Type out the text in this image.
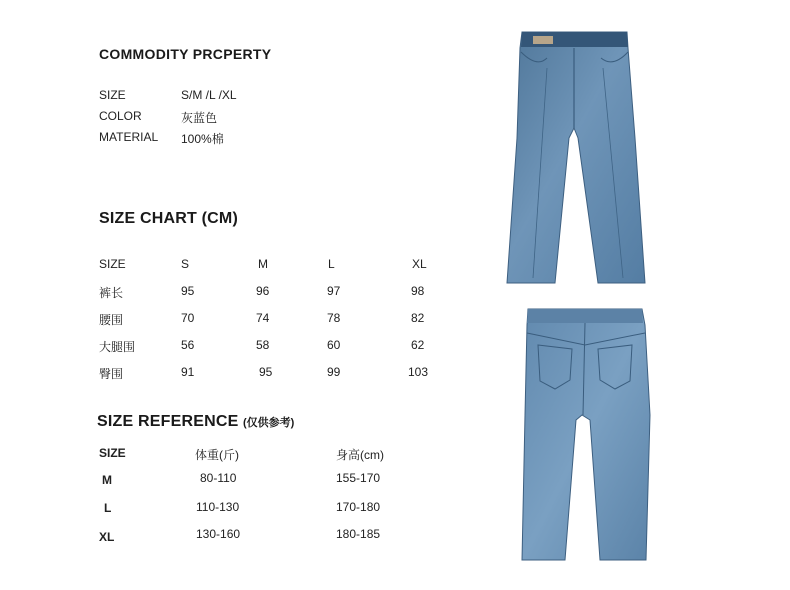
COMMODITY PRCPERTY
SIZE	S/M /L /XL
COLOR	灰蓝色
MATERIAL 100%棉
SIZE CHART (CM)
SIZE	S	M	L	XL
裤长	95	96	97	98
腰围	70	74	78	82
大腿围	56	58	60	62
臀围	91	95	99	103
SIZE REFERENCE (仅供参考)
SIZE	体重(斤)	身高(cm)
M	80-110	155-170
L	110-130	170-180
XL	130-160	180-185
